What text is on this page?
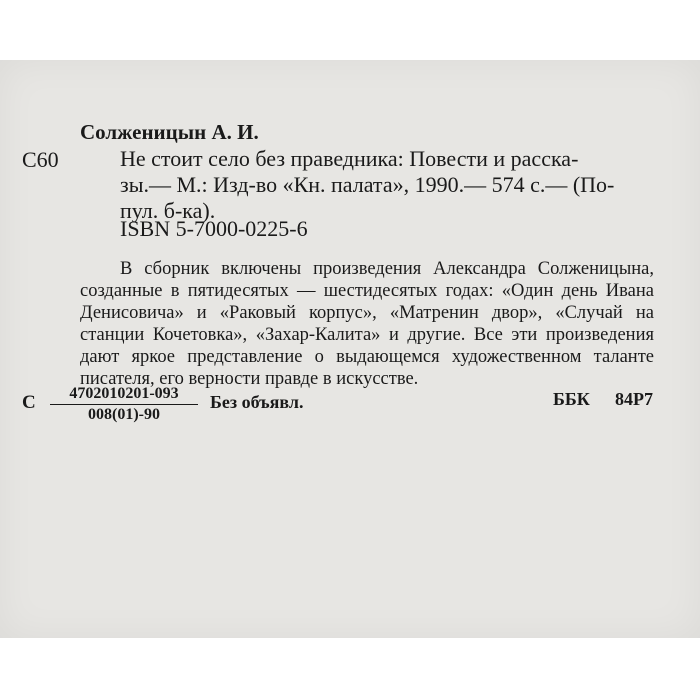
Солженицын А. И.
С60	Не стоит село без праведника: Повести и расска-
зы.— М.: Изд-во «Кн. палата», 1990.— 574 с.— (По-
пул. б-ка).
ISBN 5-7000-0225-6
В сборник включены произведения Александра Солженицына, созданные в пятидесятых — шестидесятых годах: «Один день Ивана Денисовича» и «Раковый корпус», «Матренин двор», «Случай на станции Кочетовка», «Захар-Калита» и другие. Все эти произведения дают яркое представление о выдающемся художественном таланте писателя, его верности правде в искусстве.
С	4702010201-093
008(01)-90
Без объявл.	ББК 84Р7
